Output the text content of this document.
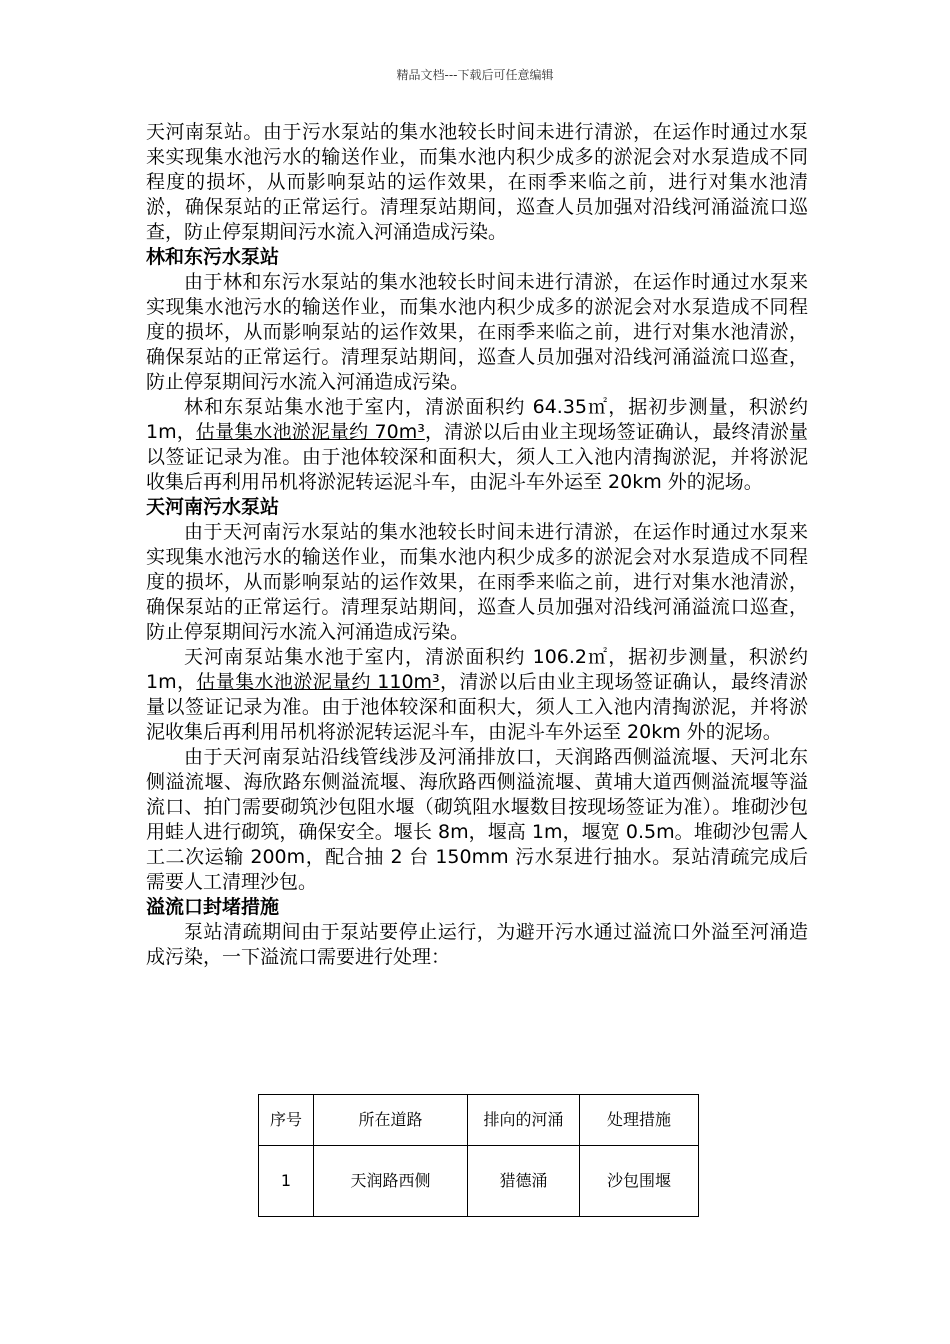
精品文档---下载后可任意编辑

天河南泵站。由于污水泵站的集水池较长时间未进行清淤，在运作时通过水泵来实现集水池污水的输送作业，而集水池内积少成多的淤泥会对水泵造成不同程度的损坏，从而影响泵站的运作效果，在雨季来临之前，进行对集水池清淤，确保泵站的正常运行。清理泵站期间，巡查人员加强对沿线河涌溢流口巡查，防止停泵期间污水流入河涌造成污染。

林和东污水泵站

由于林和东污水泵站的集水池较长时间未进行清淤，在运作时通过水泵来实现集水池污水的输送作业，而集水池内积少成多的淤泥会对水泵造成不同程度的损坏，从而影响泵站的运作效果，在雨季来临之前，进行对集水池清淤，确保泵站的正常运行。清理泵站期间，巡查人员加强对沿线河涌溢流口巡查，防止停泵期间污水流入河涌造成污染。

林和东泵站集水池于室内，清淤面积约 64.35㎡，据初步测量，积淤约 1m，估量集水池淤泥量约 70m³，清淤以后由业主现场签证确认，最终清淤量以签证记录为准。由于池体较深和面积大，须人工入池内清掏淤泥，并将淤泥收集后再利用吊机将淤泥转运泥斗车，由泥斗车外运至 20km 外的泥场。

天河南污水泵站

由于天河南污水泵站的集水池较长时间未进行清淤，在运作时通过水泵来实现集水池污水的输送作业，而集水池内积少成多的淤泥会对水泵造成不同程度的损坏，从而影响泵站的运作效果，在雨季来临之前，进行对集水池清淤，确保泵站的正常运行。清理泵站期间，巡查人员加强对沿线河涌溢流口巡查，防止停泵期间污水流入河涌造成污染。

天河南泵站集水池于室内，清淤面积约 106.2㎡，据初步测量，积淤约 1m，估量集水池淤泥量约 110m³，清淤以后由业主现场签证确认，最终清淤量以签证记录为准。由于池体较深和面积大，须人工入池内清掏淤泥，并将淤泥收集后再利用吊机将淤泥转运泥斗车，由泥斗车外运至 20km 外的泥场。

由于天河南泵站沿线管线涉及河涌排放口，天润路西侧溢流堰、天河北东侧溢流堰、海欣路东侧溢流堰、海欣路西侧溢流堰、黄埔大道西侧溢流堰等溢流口、拍门需要砌筑沙包阻水堰（砌筑阻水堰数目按现场签证为准）。堆砌沙包用蛙人进行砌筑，确保安全。堰长 8m，堰高 1m，堰宽 0.5m。堆砌沙包需人工二次运输 200m，配合抽 2 台 150mm 污水泵进行抽水。泵站清疏完成后需要人工清理沙包。

溢流口封堵措施

泵站清疏期间由于泵站要停止运行，为避开污水通过溢流口外溢至河涌造成污染，一下溢流口需要进行处理：

序号	所在道路	排向的河涌	处理措施
1	天润路西侧	猎德涌	沙包围堰
